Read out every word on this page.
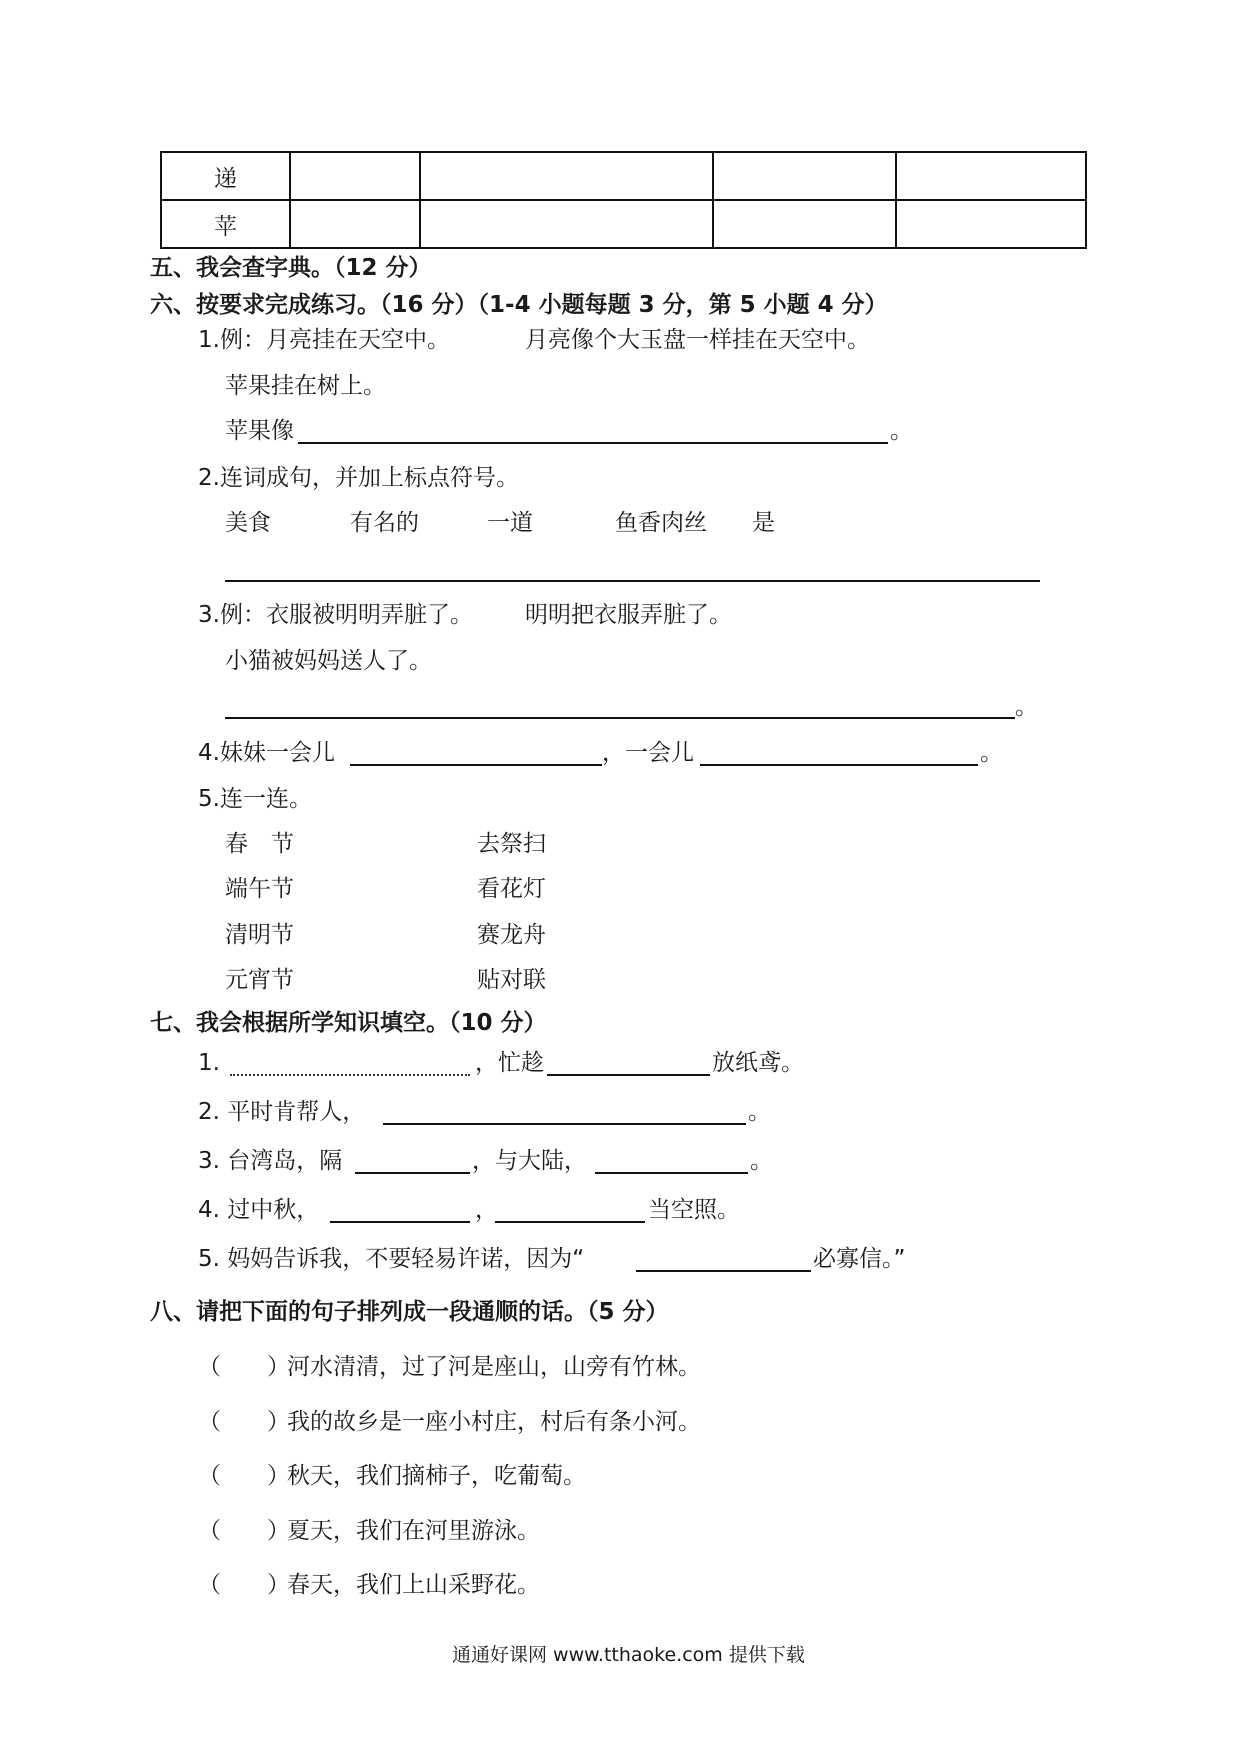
递				
苹				
五、我会查字典。（12 分）
六、按要求完成练习。（16 分）（1-4 小题每题 3 分，第 5 小题 4 分）
1.例：月亮挂在天空中。	月亮像个大玉盘一样挂在天空中。
苹果挂在树上。
苹果像	。
2.连词成句，并加上标点符号。
美食	有名的	一道	鱼香肉丝 是
3.例：衣服被明明弄脏了。 明明把衣服弄脏了。
小猫被妈妈送人了。
。
4.妹妹一会儿	，一会儿	。
5.连一连。
春　节	去祭扫
端午节	看花灯
清明节	赛龙舟
元宵节	贴对联
七、我会根据所学知识填空。（10 分）
1.	，忙趁	放纸鸢。
2. 平时肯帮人，	。
3. 台湾岛，隔	，与大陆，	。
4. 过中秋，	，	当空照。
5. 妈妈告诉我，不要轻易许诺，因为“	必寡信。”
八、请把下面的句子排列成一段通顺的话。（5 分）
（　　）
河水清清，过了河是座山，山旁有竹林。
（　　）
我的故乡是一座小村庄，村后有条小河。
（　　）
秋天，我们摘柿子，吃葡萄。
（　　）
夏天，我们在河里游泳。
（　　）
春天，我们上山采野花。
通通好课网 www.tthaoke.com 提供下载
